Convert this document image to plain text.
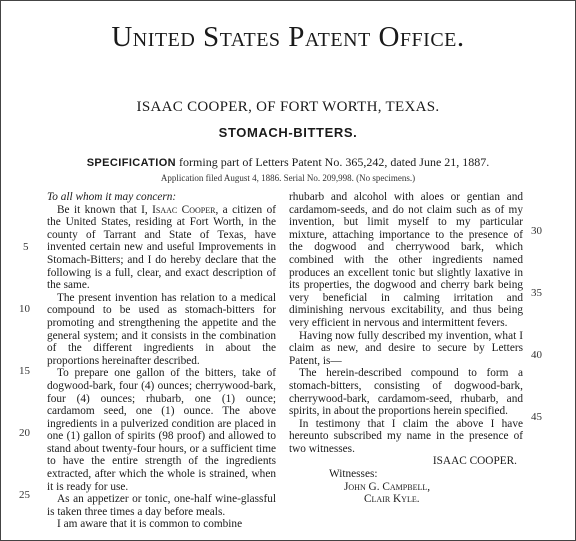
United States Patent Office.
ISAAC COOPER, OF FORT WORTH, TEXAS.
STOMACH-BITTERS.
SPECIFICATION forming part of Letters Patent No. 365,242, dated June 21, 1887.
Application filed August 4, 1886. Serial No. 209,998. (No specimens.)

To all whom it may concern:

Be it known that I, Isaac Cooper, a citizen of the United States, residing at Fort Worth, in the county of Tarrant and State of Texas, have invented certain new and useful Improvements in Stomach-Bitters; and I do hereby declare that the following is a full, clear, and exact description of the same.

The present invention has relation to a medical compound to be used as stomach-bitters for promoting and strengthening the appetite and the general system; and it consists in the combination of the different ingredients in about the proportions hereinafter described.

To prepare one gallon of the bitters, take of dogwood-bark, four (4) ounces; cherrywood-bark, four (4) ounces; rhubarb, one (1) ounce; cardamom seed, one (1) ounce. The above ingredients in a pulverized condition are placed in one (1) gallon of spirits (98 proof) and allowed to stand about twenty-four hours, or a sufficient time to have the entire strength of the ingredients extracted, after which the whole is strained, when it is ready for use.

As an appetizer or tonic, one-half wine-glassful is taken three times a day before meals.

I am aware that it is common to combine

rhubarb and alcohol with aloes or gentian and cardamom-seeds, and do not claim such as of my invention, but limit myself to my particular mixture, attaching importance to the presence of the dogwood and cherrywood bark, which combined with the other ingredients named produces an excellent tonic but slightly laxative in its properties, the dogwood and cherry bark being very beneficial in calming irritation and diminishing nervous excitability, and thus being very efficient in nervous and intermittent fevers.

Having now fully described my invention, what I claim as new, and desire to secure by Letters Patent, is—

The herein-described compound to form a stomach-bitters, consisting of dogwood-bark, cherrywood-bark, cardamom-seed, rhubarb, and spirits, in about the proportions herein specified.

In testimony that I claim the above I have hereunto subscribed my name in the presence of two witnesses.

ISAAC COOPER.

Witnesses:

John G. Campbell,

Clair Kyle.

5
10
15
20
25
30
35
40
45
